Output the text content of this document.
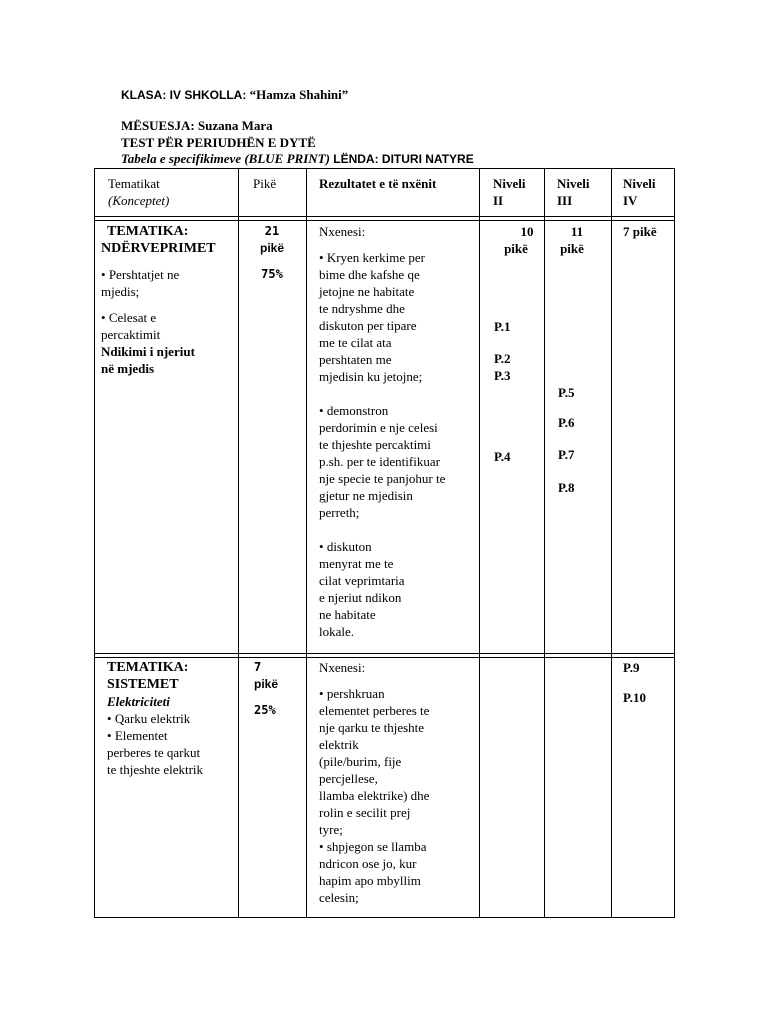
KLASA: IV SHKOLLA: “Hamza Shahini”
MËSUESJA: Suzana Mara
TEST PËR PERIUDHËN E DYTË
Tabela e specifikimeve (BLUE PRINT) LËNDA: DITURI NATYRE
Tematikat
(Konceptet)
Pikë	Rezultatet e të nxënit	Niveli
II
Niveli
III
Niveli
IV
TEMATIKA:
NDËRVEPRIMET
• Pershtatjet ne
mjedis;
• Celesat e
percaktimit
Ndikimi i njeriut
në mjedis
21
pikë
75%
Nxenesi:
• Kryen kerkime per
bime dhe kafshe qe
jetojne ne habitate
te ndryshme dhe
diskuton per tipare
me te cilat ata
pershtaten me
mjedisin ku jetojne;
• demonstron
perdorimin e nje celesi
te thjeshte percaktimi
p.sh. per te identifikuar
nje specie te panjohur te
gjetur ne mjedisin
perreth;
• diskuton
menyrat me te
cilat veprimtaria
e njeriut ndikon
ne habitate
lokale.
10
pikë
P.1
P.2
P.3
P.4
11
pikë
P.5
P.6
P.7
P.8
7 pikë
TEMATIKA:
SISTEMET
Elektriciteti
• Qarku elektrik
• Elementet
perberes te qarkut
te thjeshte elektrik
7
pikë
25%
Nxenesi:
• pershkruan
elementet perberes te
nje qarku te thjeshte
elektrik
(pile/burim, fije
percjellese,
llamba elektrike) dhe
rolin e secilit prej
tyre;
• shpjegon se llamba
ndricon ose jo, kur
hapim apo mbyllim
celesin;
P.9
P.10
